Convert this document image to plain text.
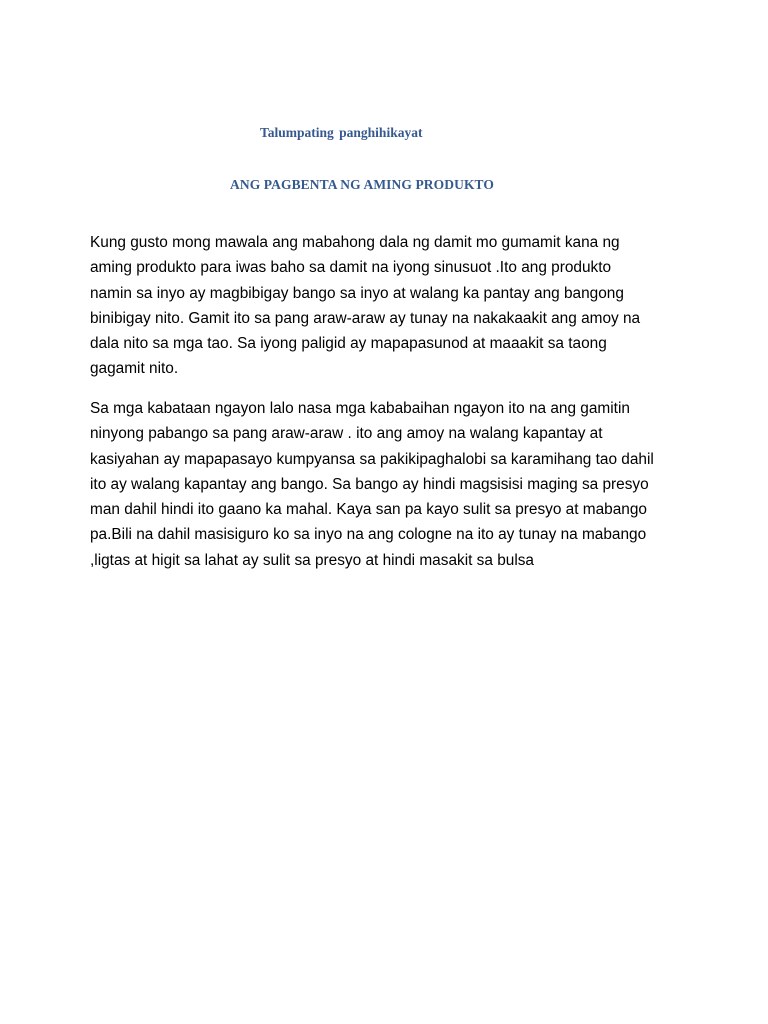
Talumpating panghihikayat
ANG PAGBENTA NG AMING PRODUKTO
Kung gusto mong mawala ang mabahong dala ng damit mo gumamit kana ng
aming produkto para iwas baho sa damit na iyong sinusuot .Ito ang produkto
namin sa inyo ay magbibigay bango sa inyo at walang ka pantay ang bangong
binibigay nito. Gamit ito sa pang araw-araw ay tunay na nakakaakit ang amoy na
dala nito sa mga tao. Sa iyong paligid ay mapapasunod at maaakit sa taong
gagamit nito.
Sa mga kabataan ngayon lalo nasa mga kababaihan ngayon ito na ang gamitin
ninyong pabango sa pang araw-araw . ito ang amoy na walang kapantay at
kasiyahan ay mapapasayo kumpyansa sa pakikipaghalobi sa karamihang tao dahil
ito ay walang kapantay ang bango. Sa bango ay hindi magsisisi maging sa presyo
man dahil hindi ito gaano ka mahal. Kaya san pa kayo sulit sa presyo at mabango
pa.Bili na dahil masisiguro ko sa inyo na ang cologne na ito ay tunay na mabango
,ligtas at higit sa lahat ay sulit sa presyo at hindi masakit sa bulsa
